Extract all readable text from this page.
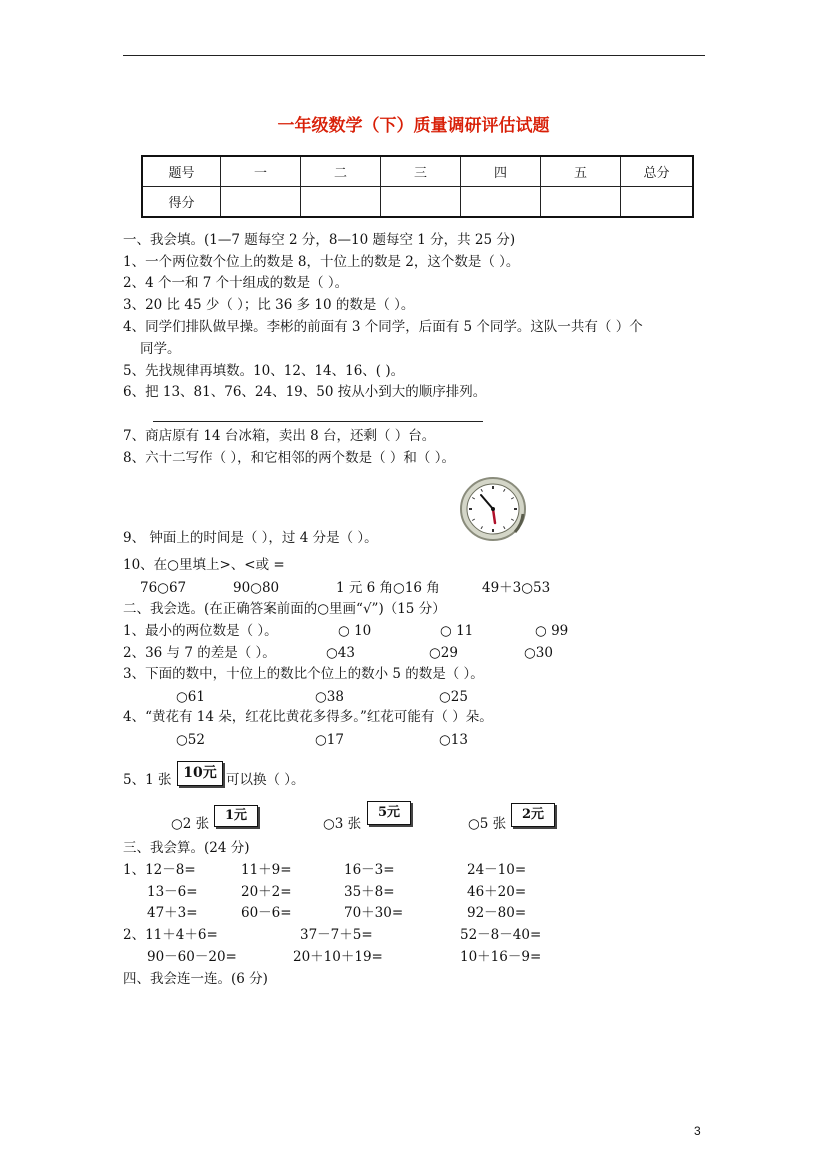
一年级数学（下）质量调研评估试题
题号	一	二	三	四	五	总分
得分						
一、我会填。(1—7 题每空 2 分，8—10 题每空 1 分，共 25 分)
1、一个两位数个位上的数是 8，十位上的数是 2，这个数是（ ）。
2、4 个一和 7 个十组成的数是（ ）。
3、20 比 45 少（ ）；比 36 多 10 的数是（ ）。
4、同学们排队做早操。李彬的前面有 3 个同学，后面有 5 个同学。这队一共有（ ）个
同学。
5、先找规律再填数。10、12、14、16、( )。
6、把 13、81、76、24、19、50 按从小到大的顺序排列。
7、商店原有 14 台冰箱，卖出 8 台，还剩（ ）台。
8、六十二写作（ ），和它相邻的两个数是（ ）和（ ）。
9、 钟面上的时间是（ ），过 4 分是（ ）。
10、在○里填上>、<或 =
76○67	90○80	1 元 6 角○16 角	49＋3○53
二、我会选。(在正确答案前面的○里画“√”)（15 分）
1、最小的两位数是（ ）。	○ 10	○ 11	○ 99
2、36 与 7 的差是（ ）。	○43	○29	○30
3、下面的数中，十位上的数比个位上的数小 5 的数是（ ）。
○61	○38	○25
4、“黄花有 14 朵，红花比黄花多得多。”红花可能有（ ）朵。
○52	○17	○13
5、1 张	可以换（ ）。
○2 张	○3 张	○5 张
三、我会算。(24 分)
1、12－8=	11＋9=	16－3=	24－10=
13－6=	20＋2=	35＋8=	46＋20=
47＋3=	60－6=	70＋30=	92－80=
2、11＋4＋6=	37－7＋5=	52－8－40=
90－60－20=	20＋10＋19=	10＋16－9=
四、我会连一连。(6 分)
10元
1元	5元	2元
3
